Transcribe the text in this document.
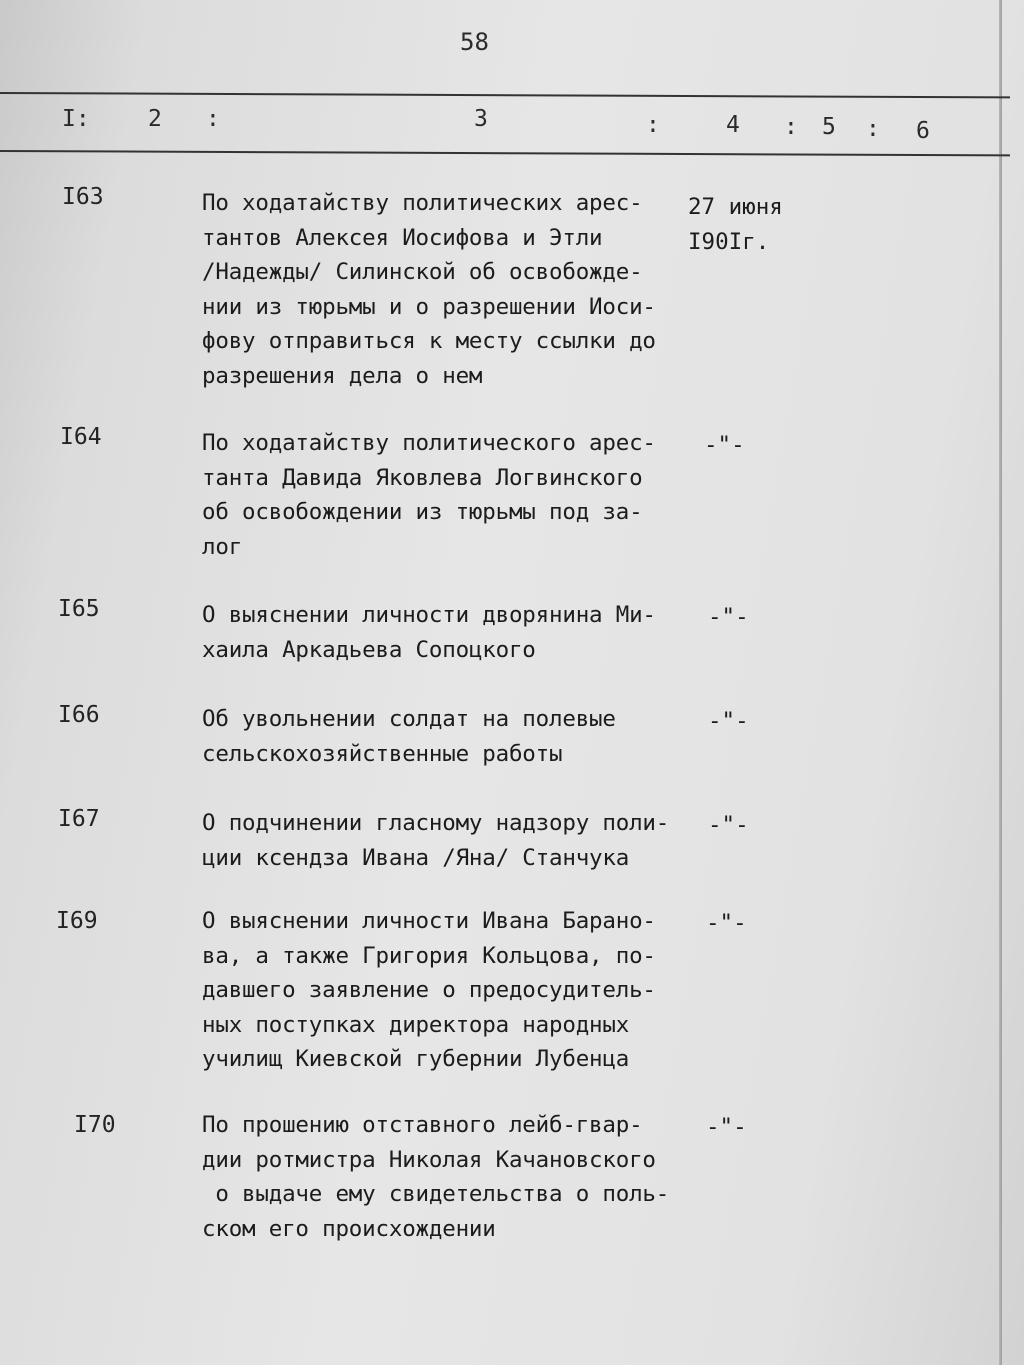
58
I:	2 :	3	:	4 : 5 : 6
I63	По ходатайству политических арес-
тантов Алексея Иосифова и Этли
/Надежды/ Силинской об освобожде-
нии из тюрьмы и о разрешении Иоси-
фову отправиться к месту ссылки до
разрешения дела о нем
27 июня
I90Iг.
I64	По ходатайству политического арес-
танта Давида Яковлева Логвинского
об освобождении из тюрьмы под за-
лог
-"-
I65	О выяснении личности дворянина Ми-
хаила Аркадьева Сопоцкого
-"-
I66	Об увольнении солдат на полевые
сельскохозяйственные работы
-"-
I67	О подчинении гласному надзору поли-
ции ксендза Ивана /Яна/ Станчука
-"-
I69	О выяснении личности Ивана Барано-
ва, а также Григория Кольцова, по-
давшего заявление о предосудитель-
ных поступках директора народных
училищ Киевской губернии Лубенца
-"-
I70	По прошению отставного лейб-гвар-
дии ротмистра Николая Качановского
о выдаче ему свидетельства о поль-
ском его происхождении
-"-
